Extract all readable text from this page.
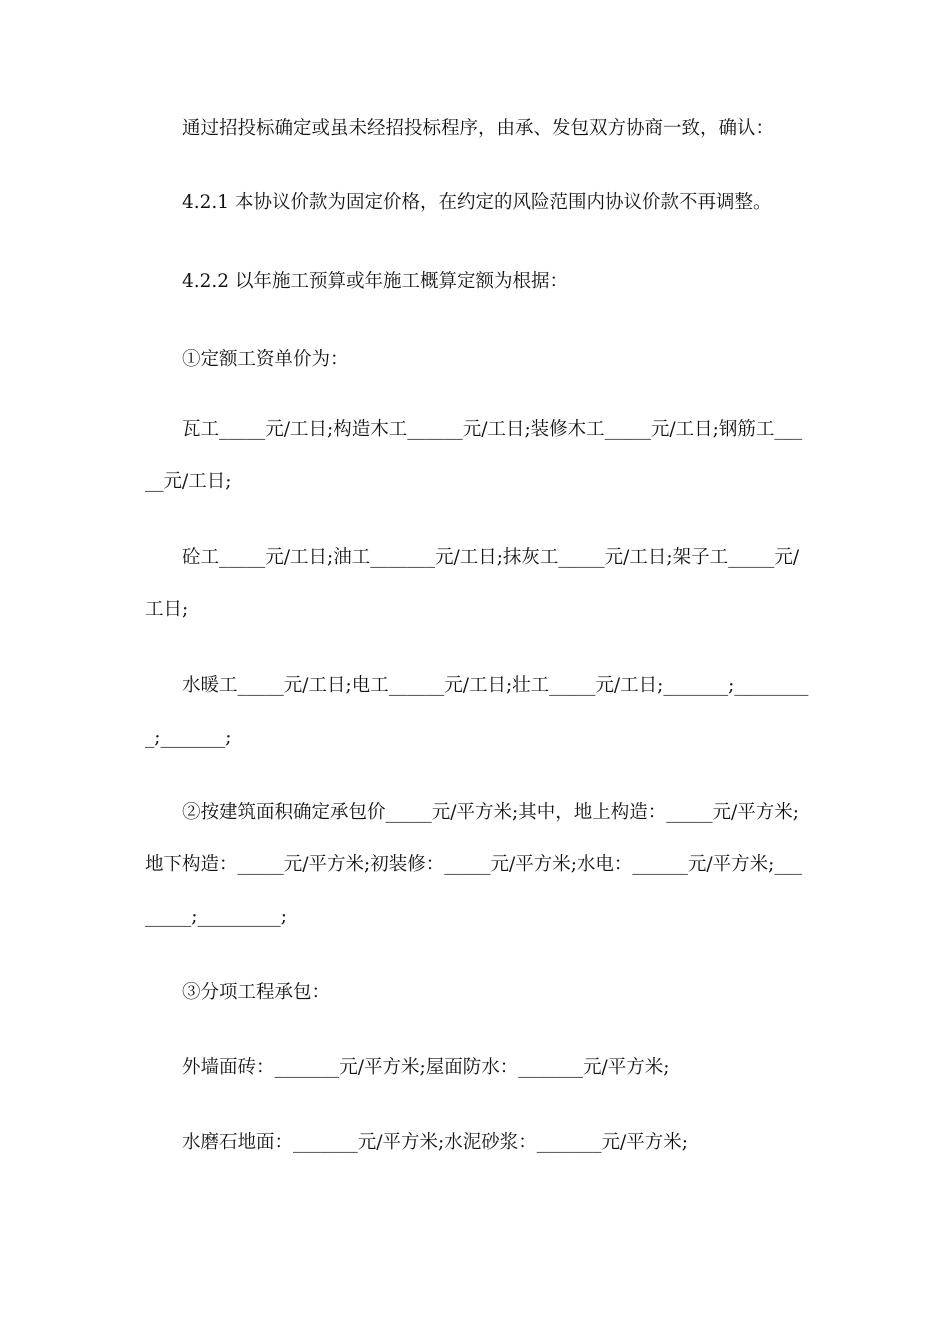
通过招投标确定或虽未经招投标程序，由承、发包双方协商一致，确认：

4.2.1 本协议价款为固定价格，在约定的风险范围内协议价款不再调整。

4.2.2 以年施工预算或年施工概算定额为根据：

①定额工资单价为：

瓦工_____元/工日;构造木工______元/工日;装修木工_____元/工日;钢筋工_____元/工日;

砼工_____元/工日;油工_______元/工日;抹灰工_____元/工日;架子工_____元/工日;

水暖工_____元/工日;电工______元/工日;壮工_____元/工日;_______;_________;_______;

②按建筑面积确定承包价_____元/平方米;其中，地上构造：_____元/平方米;地下构造：_____元/平方米;初装修：_____元/平方米;水电：______元/平方米;________;_________;

③分项工程承包：

外墙面砖：_______元/平方米;屋面防水：_______元/平方米;

水磨石地面：_______元/平方米;水泥砂浆：_______元/平方米;
